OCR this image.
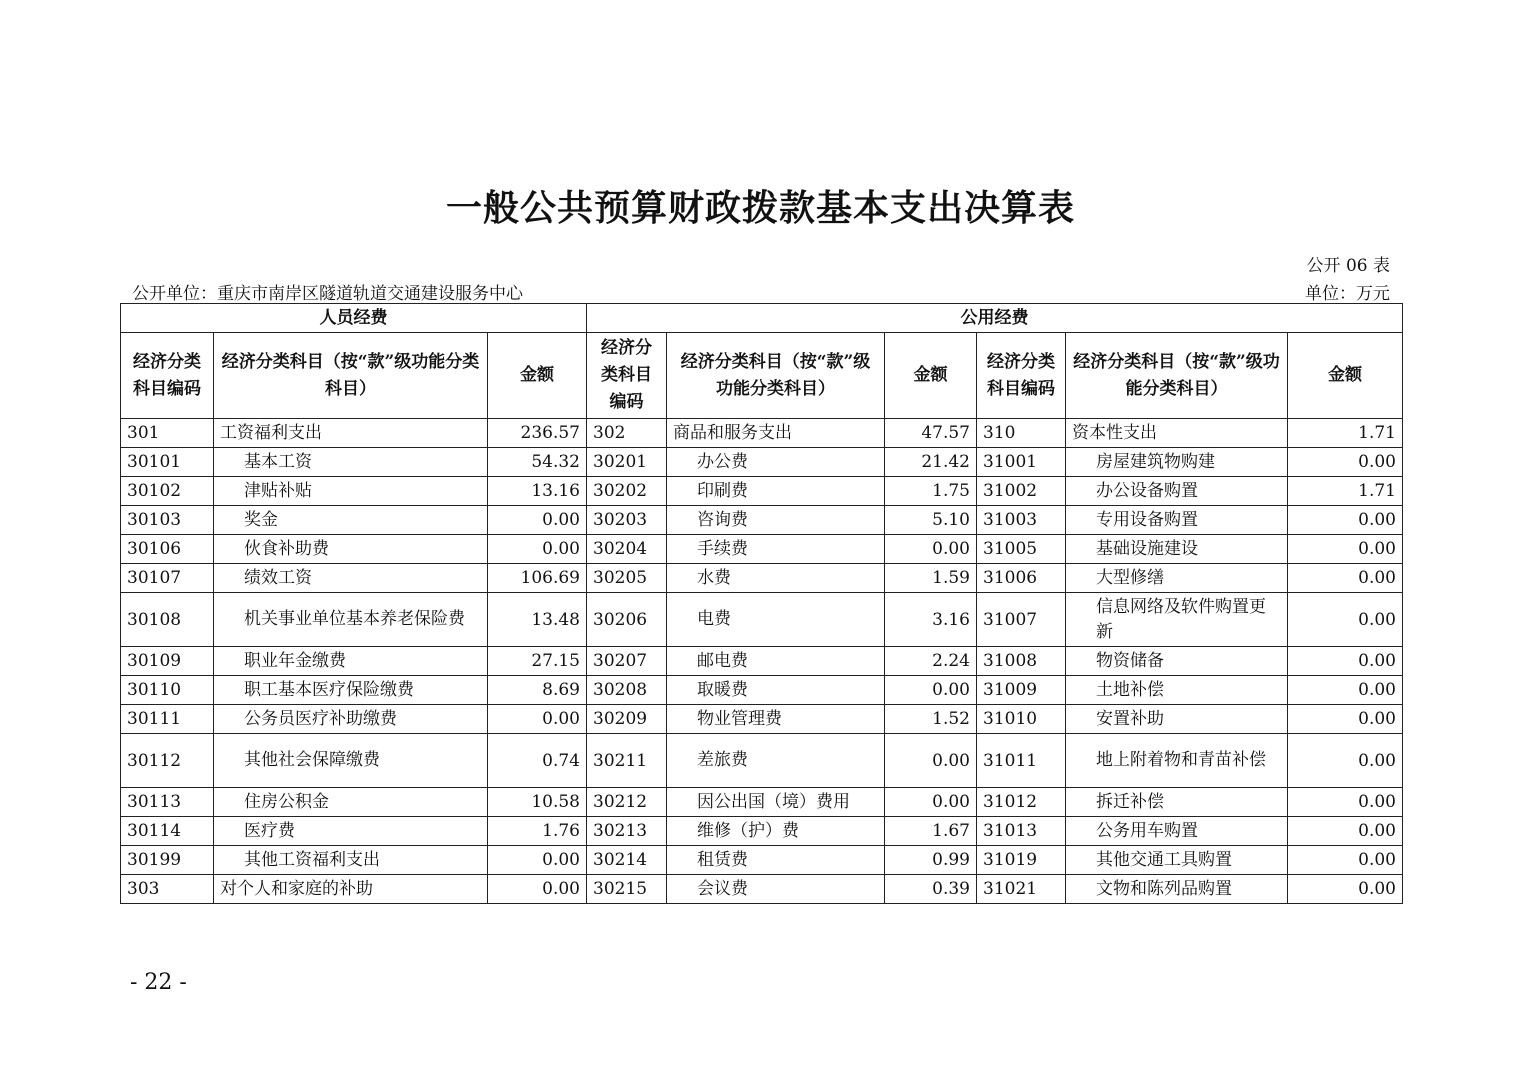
一般公共预算财政拨款基本支出决算表
公开 06 表
公开单位：重庆市南岸区隧道轨道交通建设服务中心	单位：万元
人员经费			公用经费					
经济分类科目编码	经济分类科目（按“款”级功能分类科目）	金额	经济分类科目编码	经济分类科目（按“款”级功能分类科目）	金额	经济分类科目编码	经济分类科目（按“款”级功能分类科目）	金额
301	工资福利支出	236.57	302	商品和服务支出	47.57	310	资本性支出	1.71
30101	基本工资	54.32	30201	办公费	21.42	31001	房屋建筑物购建	0.00
30102	津贴补贴	13.16	30202	印刷费	1.75	31002	办公设备购置	1.71
30103	奖金	0.00	30203	咨询费	5.10	31003	专用设备购置	0.00
30106	伙食补助费	0.00	30204	手续费	0.00	31005	基础设施建设	0.00
30107	绩效工资	106.69	30205	水费	1.59	31006	大型修缮	0.00
30108	机关事业单位基本养老保险费	13.48	30206	电费	3.16	31007	信息网络及软件购置更新	0.00
30109	职业年金缴费	27.15	30207	邮电费	2.24	31008	物资储备	0.00
30110	职工基本医疗保险缴费	8.69	30208	取暖费	0.00	31009	土地补偿	0.00
30111	公务员医疗补助缴费	0.00	30209	物业管理费	1.52	31010	安置补助	0.00
30112	其他社会保障缴费	0.74	30211	差旅费	0.00	31011	地上附着物和青苗补偿	0.00
30113	住房公积金	10.58	30212	因公出国（境）费用	0.00	31012	拆迁补偿	0.00
30114	医疗费	1.76	30213	维修（护）费	1.67	31013	公务用车购置	0.00
30199	其他工资福利支出	0.00	30214	租赁费	0.99	31019	其他交通工具购置	0.00
303	对个人和家庭的补助	0.00	30215	会议费	0.39	31021	文物和陈列品购置	0.00
- 22 -
